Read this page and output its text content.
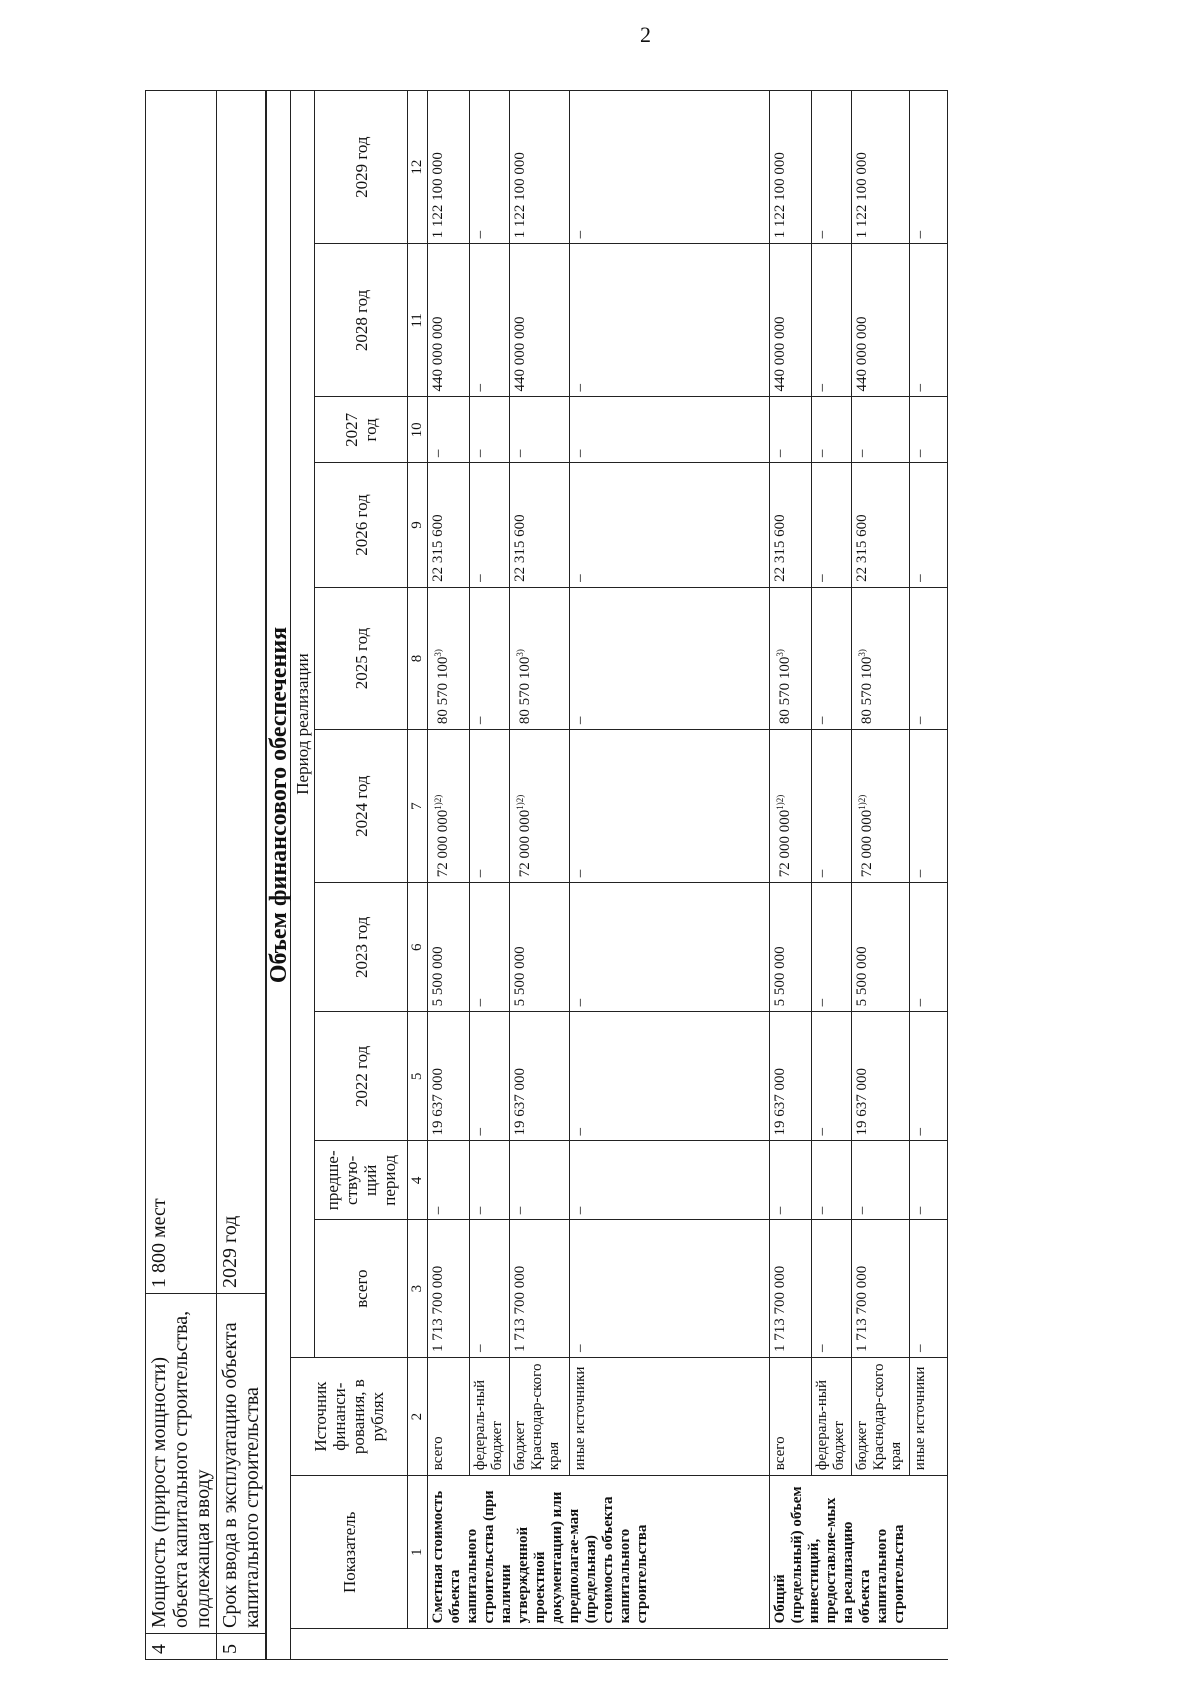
2
4	Мощность (прирост мощности) объекта капитального строительства, подлежащая вводу	1 800 мест
5	Срок ввода в эксплуатацию объекта капитального строительства	2029 год
Объем финансового обеспечения												
	Показатель	Источник финанси-рования, в рублях	Период реализации									
			всего	предше-ствую-щий период	2022 год	2023 год	2024 год	2025 год	2026 год	2027 год	2028 год	2029 год
	1	2	3	4	5	6	7	8	9	10	11	12
	Сметная стоимость объекта капитального строительства (при наличии утвержденной проектной документации) или предполагае-мая (предельная) стоимость объекта капитального строительства	всего	1 713 700 000	–	19 637 000	5 500 000	72 000 $000^{1)2)}$	80 570 100$^{3)}$	22 315 600	–	440 000 000	1 122 100 000
		федераль-ный бюджет	–	–	–	–	–	–	–	–	–	–
		бюджет Краснодар-ского края	1 713 700 000	–	19 637 000	5 500 000	72 000 $000^{1)2)}$	80 570 100$^{3)}$	22 315 600	–	440 000 000	1 122 100 000
		иные источники	–	–	–	–	–	–	–	–	–	–
	Общий (предельный) объем инвестиций, предоставляе-мых на реализацию объекта капитального строительства	всего	1 713 700 000	–	19 637 000	5 500 000	72 000 $000^{1)2)}$	80 570 100$^{3)}$	22 315 600	–	440 000 000	1 122 100 000
		федераль-ный бюджет	–	–	–	–	–	–	–	–	–	–
		бюджет Краснодар-ского края	1 713 700 000	–	19 637 000	5 500 000	72 000 $000^{1)2)}$	80 570 100$^{3)}$	22 315 600	–	440 000 000	1 122 100 000
		иные источники	–	–	–	–	–	–	–	–	–	–
